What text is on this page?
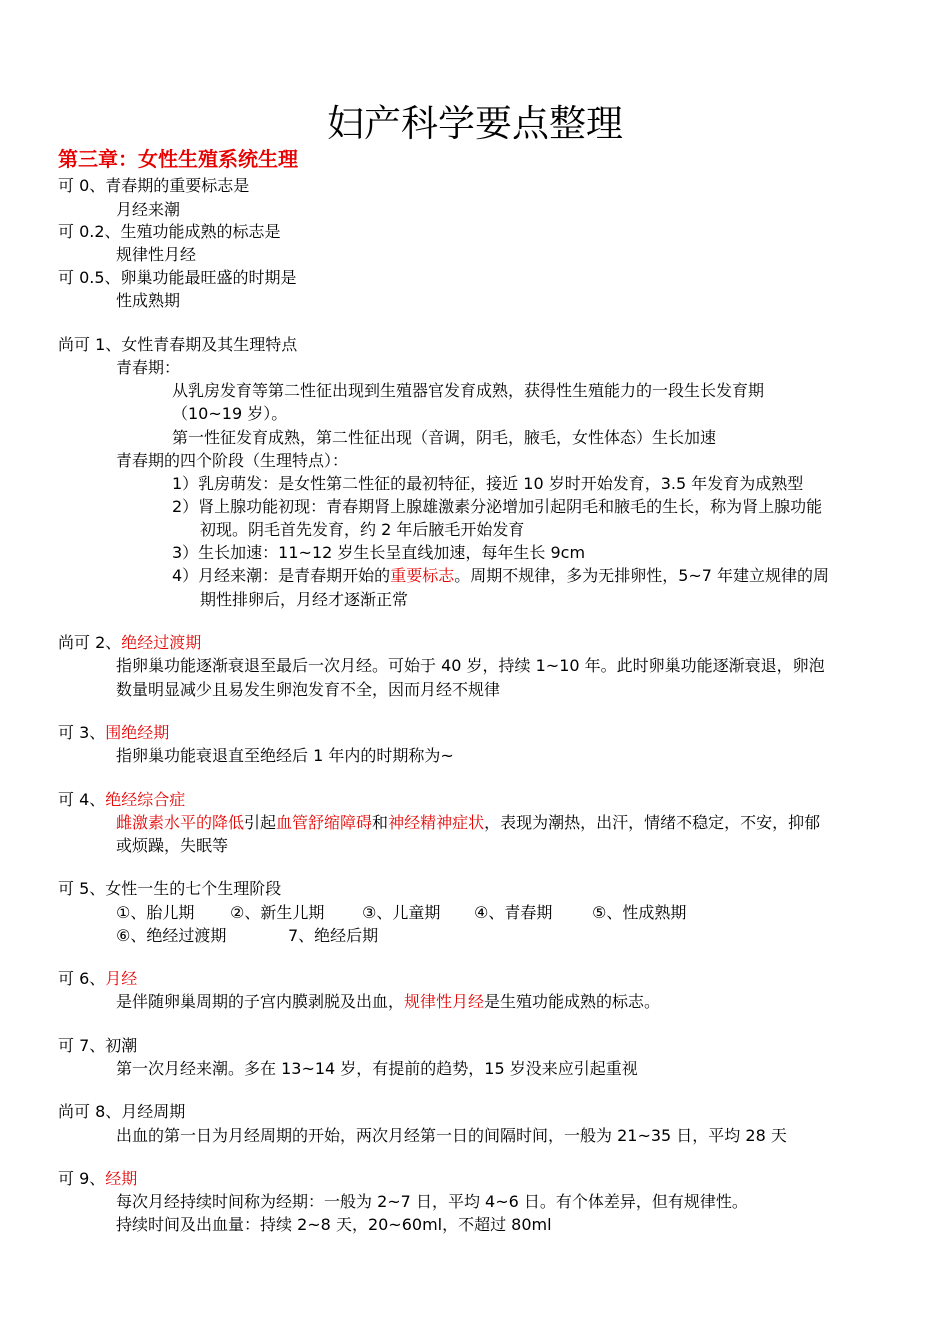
妇产科学要点整理
第三章：女性生殖系统生理
可 0、青春期的重要标志是
月经来潮
可 0.2、生殖功能成熟的标志是
规律性月经
可 0.5、卵巢功能最旺盛的时期是
性成熟期
尚可 1、女性青春期及其生理特点
青春期：
从乳房发育等第二性征出现到生殖器官发育成熟，获得性生殖能力的一段生长发育期
（10~19 岁）。
第一性征发育成熟，第二性征出现（音调，阴毛，腋毛，女性体态）生长加速
青春期的四个阶段（生理特点）：
1）乳房萌发：是女性第二性征的最初特征，接近 10 岁时开始发育，3.5 年发育为成熟型
2）肾上腺功能初现：青春期肾上腺雄激素分泌增加引起阴毛和腋毛的生长，称为肾上腺功能
初现。阴毛首先发育，约 2 年后腋毛开始发育
3）生长加速：11~12 岁生长呈直线加速，每年生长 9cm
4）月经来潮：是青春期开始的重要标志。周期不规律，多为无排卵性，5~7 年建立规律的周
期性排卵后，月经才逐渐正常
尚可 2、绝经过渡期
指卵巢功能逐渐衰退至最后一次月经。可始于 40 岁，持续 1~10 年。此时卵巢功能逐渐衰退，卵泡
数量明显减少且易发生卵泡发育不全，因而月经不规律
可 3、围绝经期
指卵巢功能衰退直至绝经后 1 年内的时期称为~
可 4、绝经综合症
雌激素水平的降低引起血管舒缩障碍和神经精神症状，表现为潮热，出汗，情绪不稳定，不安，抑郁
或烦躁，失眠等
可 5、女性一生的七个生理阶段
①、胎儿期 ②、新生儿期 ③、儿童期 ④、青春期 ⑤、性成熟期
⑥、绝经过渡期	7、绝经后期
可 6、月经
是伴随卵巢周期的子宫内膜剥脱及出血，规律性月经是生殖功能成熟的标志。
可 7、初潮
第一次月经来潮。多在 13~14 岁，有提前的趋势，15 岁没来应引起重视
尚可 8、月经周期
出血的第一日为月经周期的开始，两次月经第一日的间隔时间，一般为 21~35 日，平均 28 天
可 9、经期
每次月经持续时间称为经期：一般为 2~7 日，平均 4~6 日。有个体差异，但有规律性。
持续时间及出血量：持续 2~8 天，20~60ml，不超过 80ml
